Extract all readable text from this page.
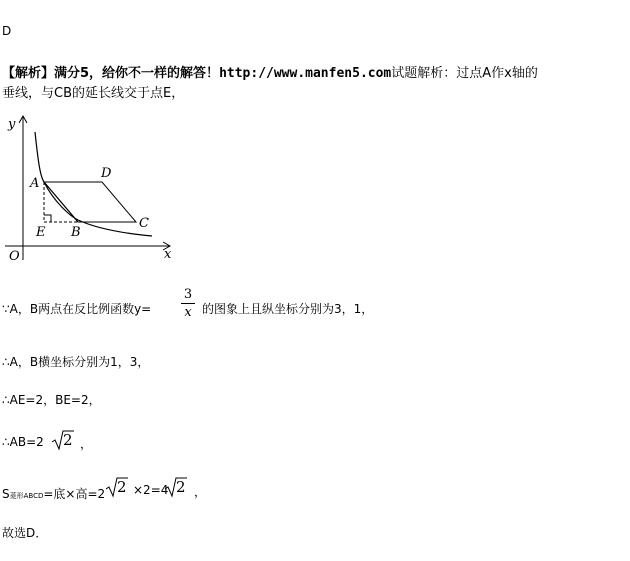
D
【解析】满分5，给你不一样的解答！http://www.manfen5.com试题解析：过点A作x轴的
垂线，与CB的延长线交于点E，
y
x
O
A
D
C
B
E
∵A，B两点在反比例函数y=
3
x 的图象上且纵坐标分别为3，1，
∴A，B横坐标分别为1，3，
∴AE=2，BE=2，
∴AB=2 2 ，
S菱形ABCD=底×高=2 2 ×2=4 2 ，
故选D．
